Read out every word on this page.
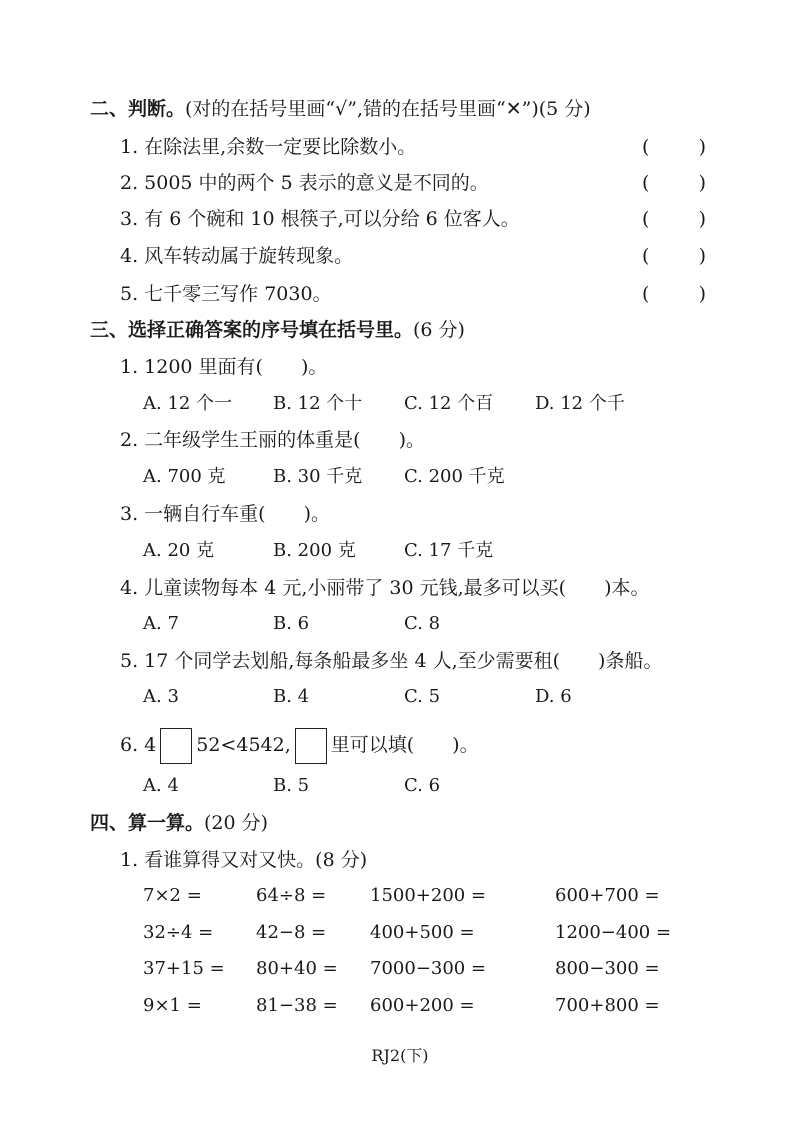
二、判断。(对的在括号里画“√”,错的在括号里画“✕”)(5 分)
1. 在除法里,余数一定要比除数小。	(	)
2. 5005 中的两个 5 表示的意义是不同的。	(	)
3. 有 6 个碗和 10 根筷子,可以分给 6 位客人。	(	)
4. 风车转动属于旋转现象。	(	)
5. 七千零三写作 7030。	(	)
三、选择正确答案的序号填在括号里。(6 分)
1. 1200 里面有(　　)。
A. 12 个一 B. 12 个十 C. 12 个百 D. 12 个千
2. 二年级学生王丽的体重是(　　)。
A. 700 克	B. 30 千克 C. 200 千克
3. 一辆自行车重(　　)。
A. 20 克	B. 200 克	C. 17 千克
4. 儿童读物每本 4 元,小丽带了 30 元钱,最多可以买(　　)本。
A. 7	B. 6	C. 8
5. 17 个同学去划船,每条船最多坐 4 人,至少需要租(　　)条船。
A. 3	B. 4	C. 5	D. 6
6. 4 52<4542, 里可以填(　　)。
A. 4	B. 5	C. 6
四、算一算。(20 分)
1. 看谁算得又对又快。(8 分)
7×2 =	64÷8 = 1500+200 =	600+700 =
32÷4 = 42−8 = 400+500 =	1200−400 =
37+15 = 80+40 = 7000−300 =	800−300 =
9×1 =	81−38 = 600+200 =	700+800 =
RJ2(下)
